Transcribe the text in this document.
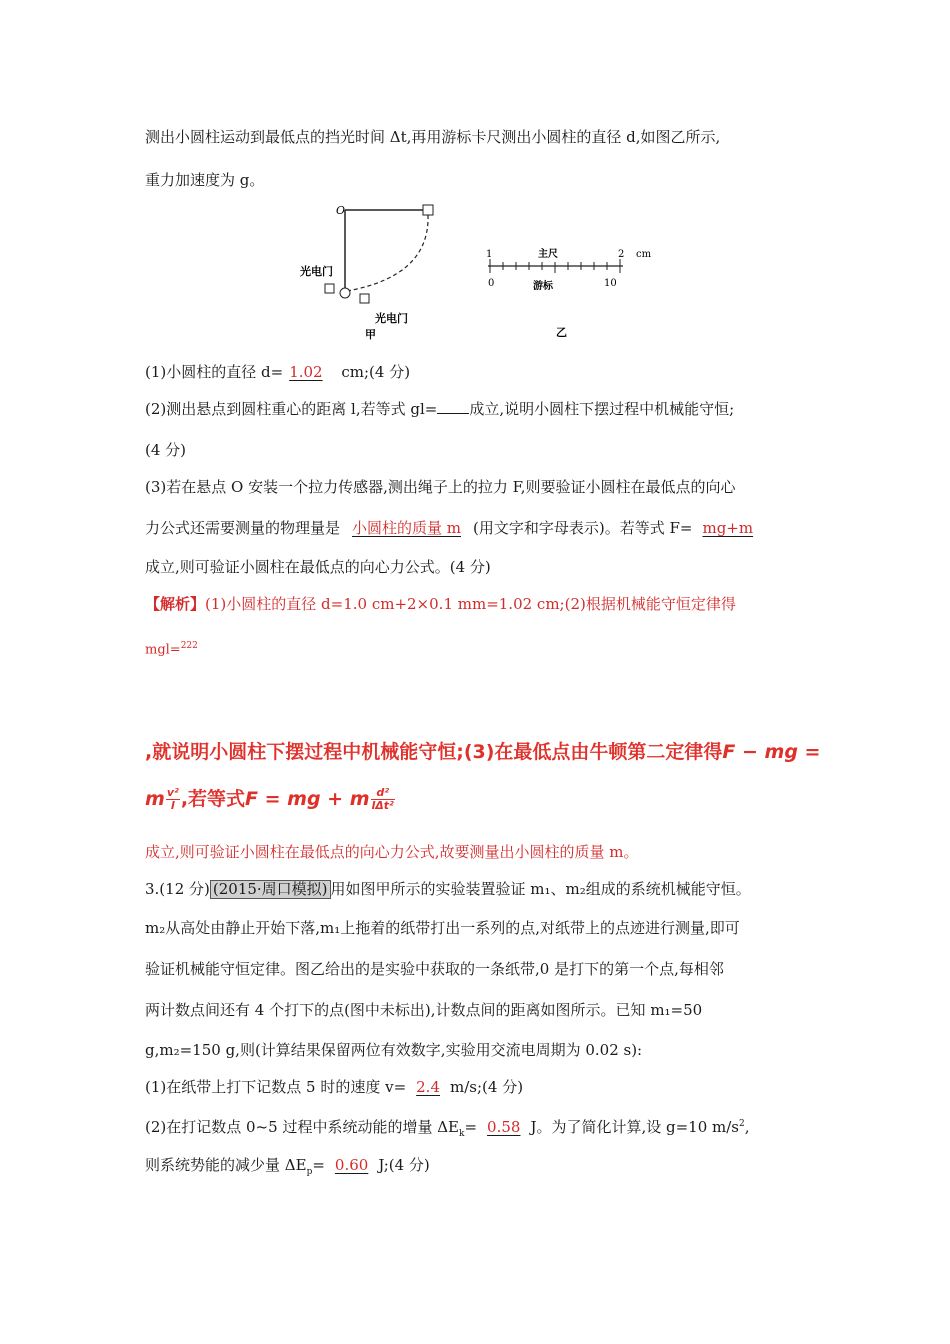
测出小圆柱运动到最低点的挡光时间 Δt,再用游标卡尺测出小圆柱的直径 d,如图乙所示,
重力加速度为 g。
O
光电门
光电门
甲
1	主尺	2 cm
0	游标	10
乙
(1)小圆柱的直径 d= 1.02 cm;(4 分)
(2)测出悬点到圆柱重心的距离 l,若等式 gl= 成立,说明小圆柱下摆过程中机械能守恒;
(4 分)
(3)若在悬点 O 安装一个拉力传感器,测出绳子上的拉力 F,则要验证小圆柱在最低点的向心
力公式还需要测量的物理量是 小圆柱的质量 m (用文字和字母表示)。若等式 F= mg+m
成立,则可验证小圆柱在最低点的向心力公式。(4 分)
【解析】(1)小圆柱的直径 d=1.0 cm+2×0.1 mm=1.02 cm;(2)根据机械能守恒定律得
mgl=$^{222}$
,就说明小圆柱下摆过程中机械能守恒;(3)在最低点由牛顿第二定律得F − mg =
m $\frac{\text{v²}}{l}$ ,若等式F = mg + m $\frac{\text{d²}}{\text{lΔt²}}$
成立,则可验证小圆柱在最低点的向心力公式,故要测量出小圆柱的质量 m。
3.(12 分) (2015·周口模拟) 用如图甲所示的实验装置验证 m₁、m₂组成的系统机械能守恒。
m₂从高处由静止开始下落,m₁上拖着的纸带打出一系列的点,对纸带上的点迹进行测量,即可
验证机械能守恒定律。图乙给出的是实验中获取的一条纸带,0 是打下的第一个点,每相邻
两计数点间还有 4 个打下的点(图中未标出),计数点间的距离如图所示。已知 m₁=50
g,m₂=150 g,则(计算结果保留两位有效数字,实验用交流电周期为 0.02 s):
(1)在纸带上打下记数点 5 时的速度 v= 2.4 m/s;(4 分)
(2)在打记数点 0~5 过程中系统动能的增量 $\Delta E_k= 0.58$ J。为了简化计算,设 g=10 $m/s^2$,
则系统势能的减少量 $\Delta E_p= 0.60$ J;(4 分)
